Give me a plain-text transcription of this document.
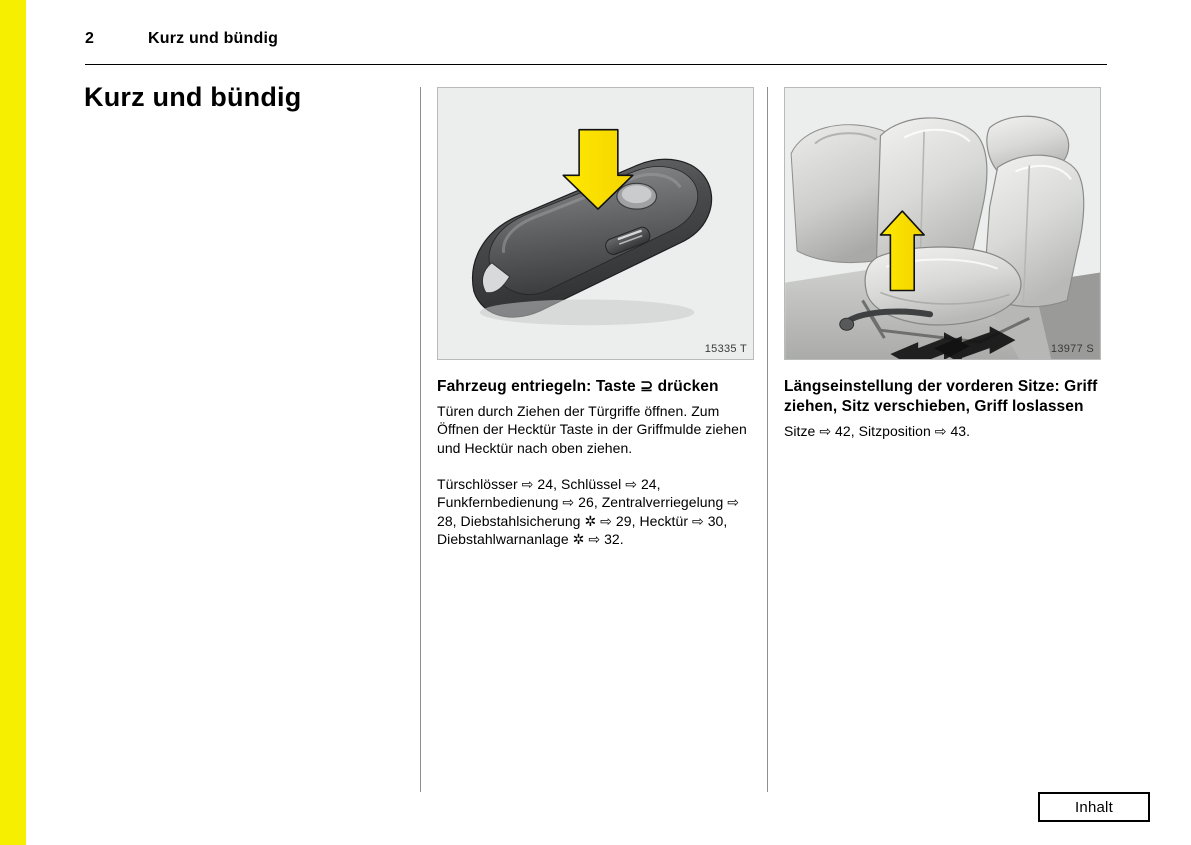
2	Kurz und bündig
Kurz und bündig
15335 T
Fahrzeug entriegeln: Taste ⊇ drücken
Türen durch Ziehen der Türgriffe öffnen. Zum Öffnen der Hecktür Taste in der Griffmulde ziehen und Hecktür nach oben ziehen.
Türschlösser ⇨ 24, Schlüssel ⇨ 24, Funkfernbedienung ⇨ 26, Zentralverriegelung ⇨ 28, Diebstahlsicherung ✲ ⇨ 29, Hecktür ⇨ 30, Diebstahlwarnanlage ✲ ⇨ 32.
13977 S
Längseinstellung der vorderen Sitze: Griff ziehen, Sitz verschieben, Griff loslassen
Sitze ⇨ 42, Sitzposition ⇨ 43.
Inhalt
